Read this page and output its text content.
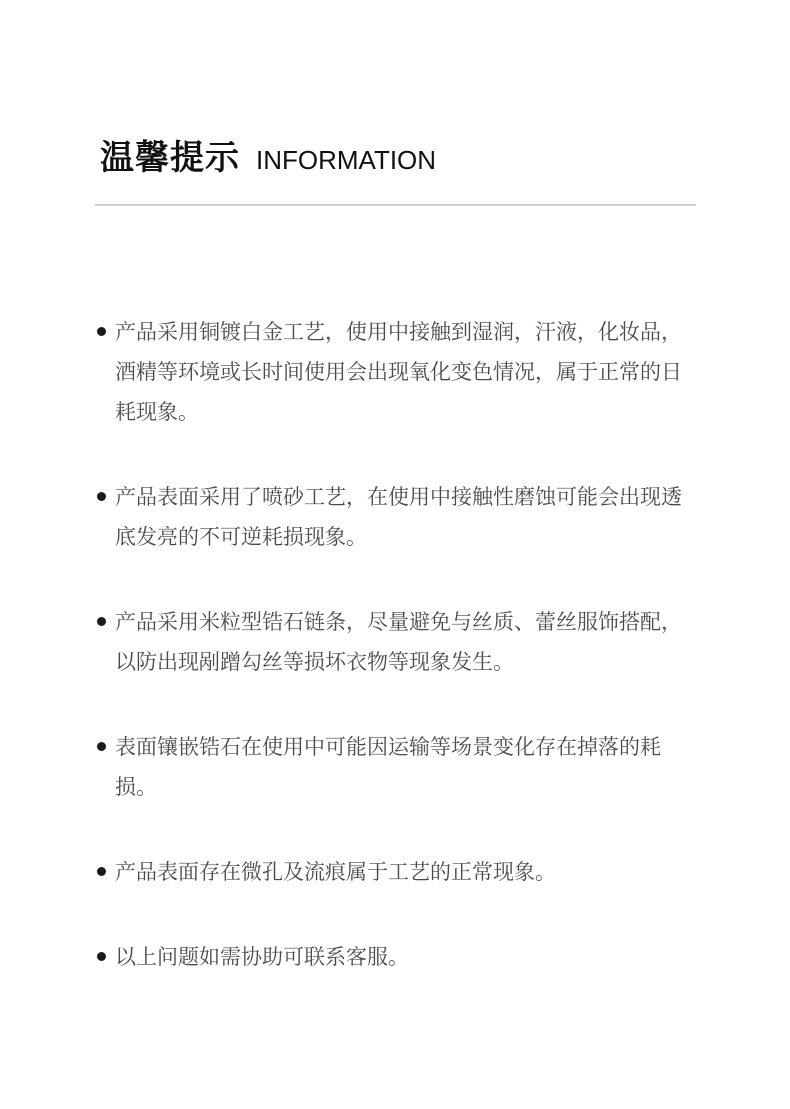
温馨提示 INFORMATION
产品采用铜镀白金工艺，使用中接触到湿润，汗液，化妆品，酒精等环境或长时间使用会出现氧化变色情况，属于正常的日耗现象。
产品表面采用了喷砂工艺，在使用中接触性磨蚀可能会出现透底发亮的不可逆耗损现象。
产品采用米粒型锆石链条，尽量避免与丝质、蕾丝服饰搭配，以防出现剐蹭勾丝等损坏衣物等现象发生。
表面镶嵌锆石在使用中可能因运输等场景变化存在掉落的耗损。
产品表面存在微孔及流痕属于工艺的正常现象。
以上问题如需协助可联系客服。
